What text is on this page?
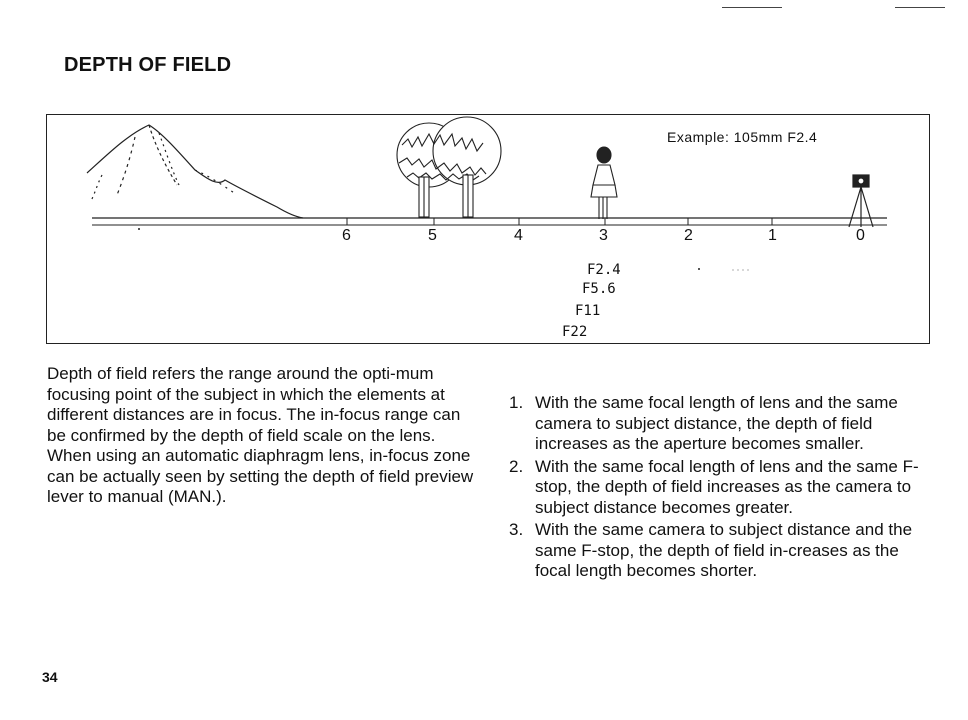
DEPTH OF FIELD
Example: 105mm F2.4
6	5	4	3	2	1	0
F2.4
F5.6
F11
F22
Depth of field refers the range around the opti-mum focusing point of the subject in which the elements at different distances are in focus. The in-focus range can be confirmed by the depth of field scale on the lens. When using an automatic diaphragm lens, in-focus zone can be actually seen by setting the depth of field preview lever to manual (MAN.).
1. With the same focal length of lens and the same camera to subject distance, the depth of field increases as the aperture becomes smaller.
2. With the same focal length of lens and the same F-stop, the depth of field increases as the camera to subject distance becomes greater.
3. With the same camera to subject distance and the same F-stop, the depth of field in-creases as the focal length becomes shorter.
34
